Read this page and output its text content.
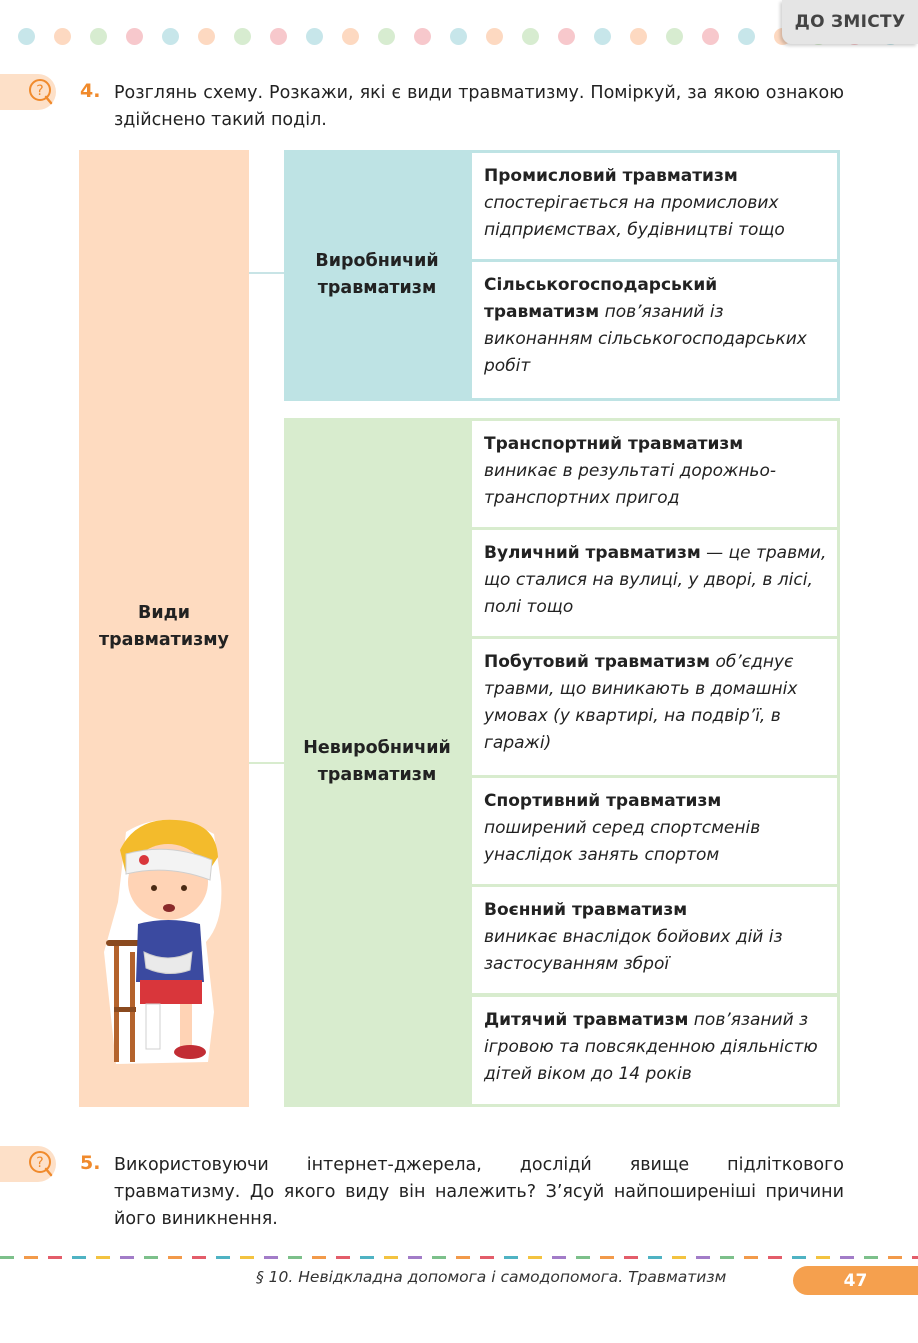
ДО ЗМІСТУ
? 4. Розглянь схему. Розкажи, які є види травматизму. Поміркуй, за якою ознакою здійснено такий поділ.
Види травматизму
Виробничий травматизм
Невиробничий травматизм
Промисловий травматизм
спостерігається на промислових підприємствах, будівництві тощо
Сільськогосподарський травматизм пов’язаний із виконанням сільськогосподарських робіт
Транспортний травматизм
виникає в результаті дорожньо-транспортних пригод
Вуличний травматизм — це травми, що сталися на вулиці, у дворі, в лісі, полі тощо
Побутовий травматизм об’єднує травми, що виникають в домашніх умовах (у квартирі, на подвір’ї, в гаражі)
Спортивний травматизм
поширений серед спортсменів унаслідок занять спортом
Воєнний травматизм
виникає внаслідок бойових дій із застосуванням зброї
Дитячий травматизм пов’язаний з ігровою та повсякденною діяльністю дітей віком до 14 років
? 5. Використовуючи інтернет-джерела, досліди́ явище підліткового травматизму. До якого виду він належить? З’ясуй найпоширеніші причини його виникнення.
§ 10. Невідкладна допомога і самодопомога. Травматизм	47
